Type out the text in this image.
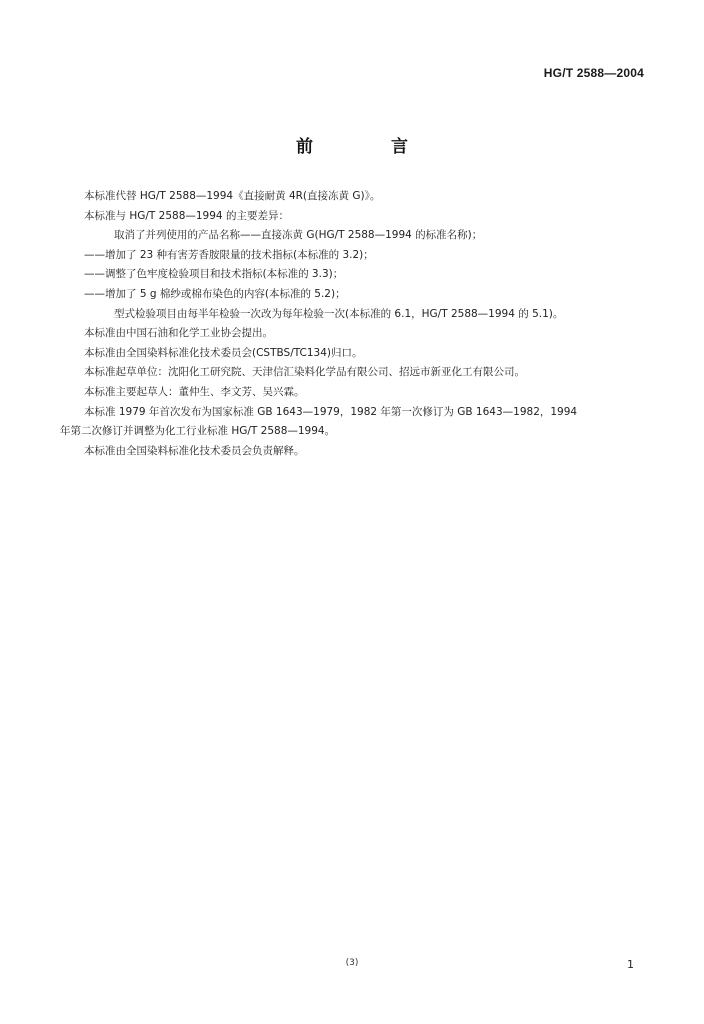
HG/T 2588—2004
前 言
本标准代替 HG/T 2588—1994《直接耐黄 4R(直接冻黄 G)》。
本标准与 HG/T 2588—1994 的主要差异：
取消了并列使用的产品名称——直接冻黄 G(HG/T 2588—1994 的标准名称)；
——增加了 23 种有害芳香胺限量的技术指标(本标准的 3.2)；
——调整了色牢度检验项目和技术指标(本标准的 3.3)；
——增加了 5 g 棉纱或棉布染色的内容(本标准的 5.2)；
型式检验项目由每半年检验一次改为每年检验一次(本标准的 6.1，HG/T 2588—1994 的 5.1)。
本标准由中国石油和化学工业协会提出。
本标准由全国染料标准化技术委员会(CSTBS/TC134)归口。
本标准起草单位：沈阳化工研究院、天津信汇染料化学品有限公司、招远市新亚化工有限公司。
本标准主要起草人：董仲生、李文芳、吴兴霖。
本标准 1979 年首次发布为国家标准 GB 1643—1979，1982 年第一次修订为 GB 1643—1982，1994
年第二次修订并调整为化工行业标准 HG/T 2588—1994。
本标准由全国染料标准化技术委员会负责解释。
(3)	1
